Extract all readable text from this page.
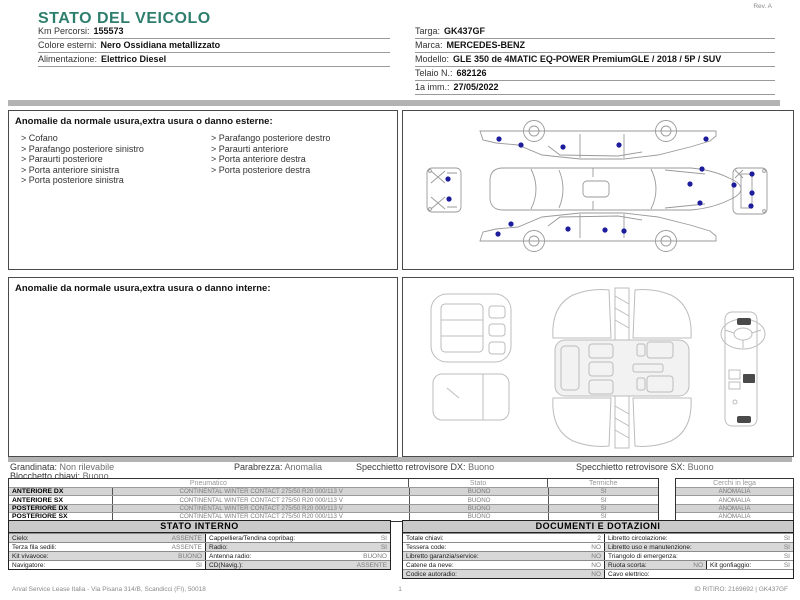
STATO DEL VEICOLO
Rev. A
Km Percorsi: 155573
Colore esterni: Nero Ossidiana metallizzato
Alimentazione: Elettrico Diesel
Targa: GK437GF
Marca: MERCEDES-BENZ
Modello: GLE 350 de 4MATIC EQ-POWER PremiumGLE / 2018 / 5P / SUV
Telaio N.: 682126
1a imm.: 27/05/2022
Anomalie da normale usura,extra usura o danno esterne:
> Cofano
> Parafango posteriore sinistro
> Paraurti posteriore
> Porta anteriore sinistra
> Porta posteriore sinistra
> Parafango posteriore destro
> Paraurti anteriore
> Porta anteriore destra
> Porta posteriore destra
Anomalie da normale usura,extra usura o danno interne:
Grandinata: Non rilevabile
Blocchetto chiavi: Buono
Parabrezza: Anomalia	Specchietto retrovisore DX: Buono	Specchietto retrovisore SX: Buono
Pneumatico	Stato	Termiche
ANTERIORE DX	CONTINENTAL WINTER CONTACT 275/50 R20 000/113 V	BUONO	SI
ANTERIORE SX	CONTINENTAL WINTER CONTACT 275/50 R20 000/113 V	BUONO	SI
POSTERIORE DX	CONTINENTAL WINTER CONTACT 275/50 R20 000/113 V	BUONO	SI
POSTERIORE SX	CONTINENTAL WINTER CONTACT 275/50 R20 000/113 V	BUONO	SI
Cerchi in lega
ANOMALIA
ANOMALIA
ANOMALIA
ANOMALIA
STATO INTERNO
Cielo:	ASSENTE Cappelliera/Tendina copribag:	SI
Terza fila sedili:	ASSENTE Radio:	SI
Kit vivavoce:	BUONO Antenna radio:	BUONO
Navigatore:	SI CD(Navig.):	ASSENTE
DOCUMENTI E DOTAZIONI
Totale chiavi:	2 Libretto circolazione:	SI
Tessera code:	NO Libretto uso e manutenzione:	SI
Libretto garanzia/service:	NO Triangolo di emergenza:	SI
Catene da neve:	NO Ruota scorta:	NO Kit gonfiaggio:	SI
Codice autoradio:	NO Cavo elettrico:
Arval Service Lease Italia - Via Pisana 314/B, Scandicci (FI), 50018	1	ID RITIRO: 2169692 | GK437GF
